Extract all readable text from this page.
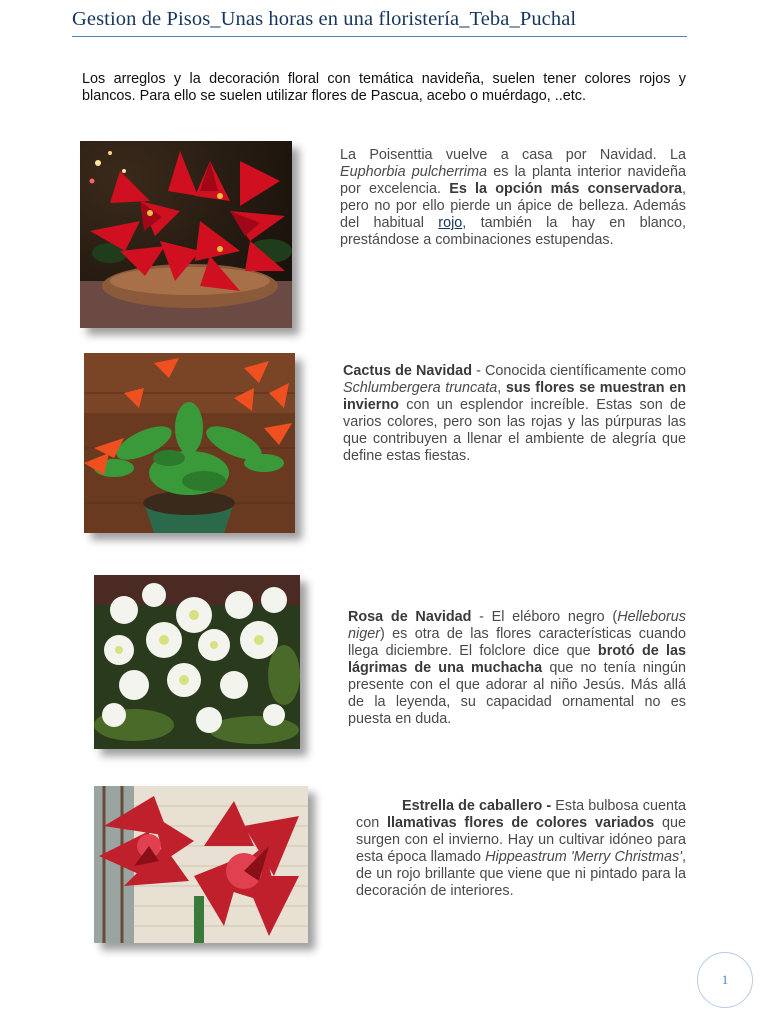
Gestion de Pisos_Unas horas en una floristería_Teba_Puchal

Los arreglos y la decoración floral con temática navideña, suelen tener colores rojos y blancos. Para ello se suelen utilizar flores de Pascua, acebo o muérdago, ..etc.

La Poisenttia vuelve a casa por Navidad. La Euphorbia pulcherrima es la planta interior navideña por excelencia. Es la opción más conservadora, pero no por ello pierde un ápice de belleza. Además del habitual rojo, también la hay en blanco, prestándose a combinaciones estupendas.

Cactus de Navidad - Conocida científicamente como Schlumbergera truncata, sus flores se muestran en invierno con un esplendor increíble. Estas son de varios colores, pero son las rojas y las púrpuras las que contribuyen a llenar el ambiente de alegría que define estas fiestas.

Rosa de Navidad - El eléboro negro (Helleborus niger) es otra de las flores características cuando llega diciembre. El folclore dice que brotó de las lágrimas de una muchacha que no tenía ningún presente con el que adorar al niño Jesús. Más allá de la leyenda, su capacidad ornamental no es puesta en duda.

Estrella de caballero - Esta bulbosa cuenta con llamativas flores de colores variados que surgen con el invierno. Hay un cultivar idóneo para esta época llamado Hippeastrum 'Merry Christmas', de un rojo brillante que viene que ni pintado para la decoración de interiores.

1
